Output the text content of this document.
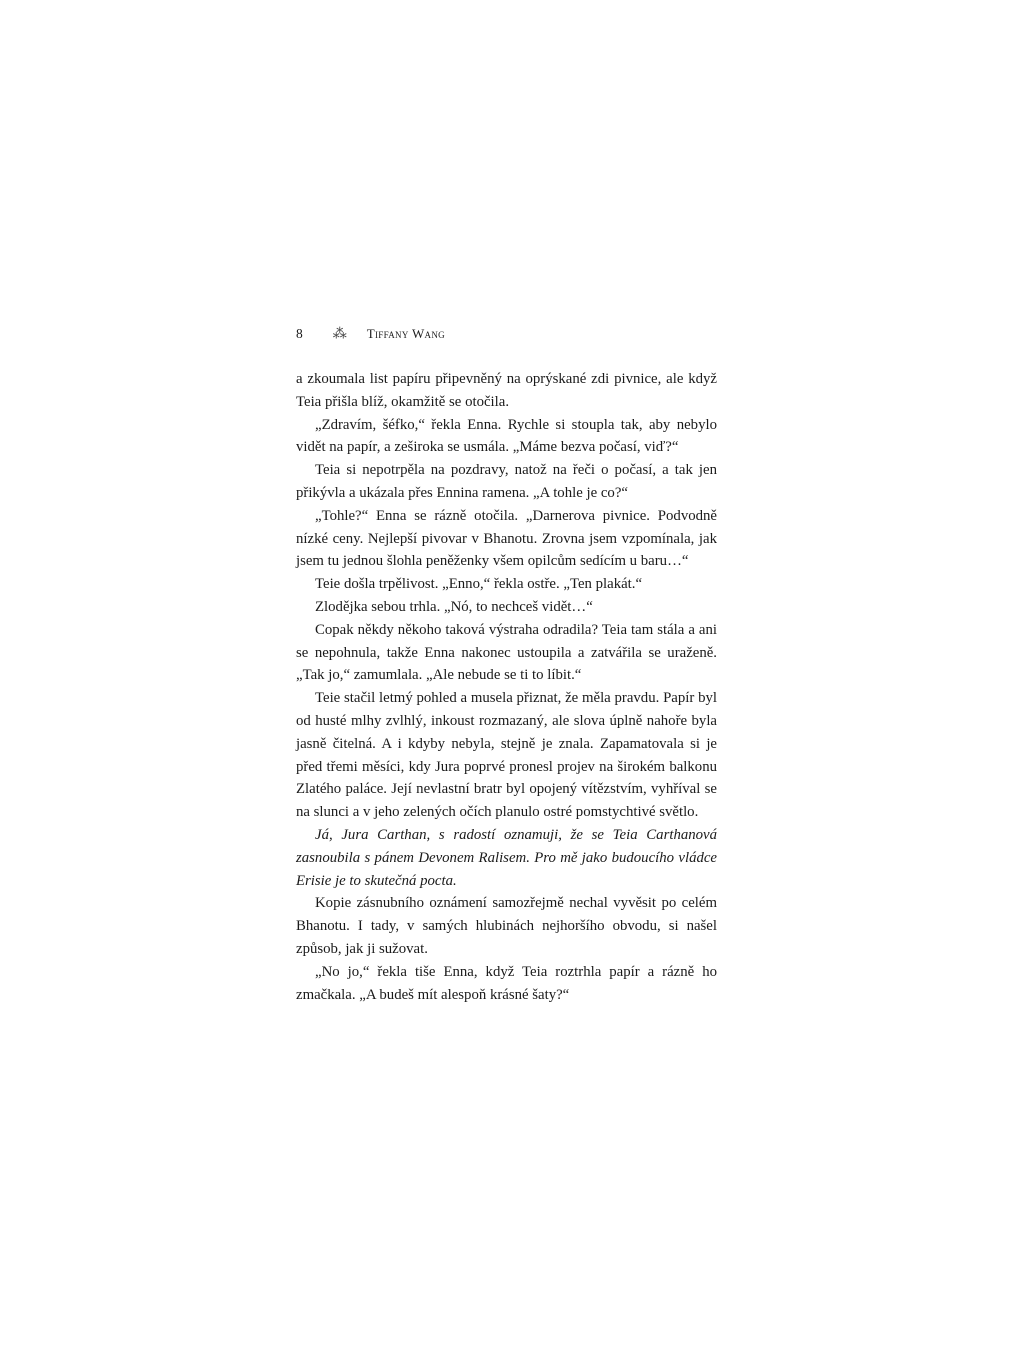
8 ⁂ Tiffany Wang

a zkoumala list papíru připevněný na oprýskané zdi pivnice, ale když Teia přišla blíž, okamžitě se otočila.

„Zdravím, šéfko,“ řekla Enna. Rychle si stoupla tak, aby nebylo vidět na papír, a zeširoka se usmála. „Máme bezva počasí, viď?“

Teia si nepotrpěla na pozdravy, natož na řeči o počasí, a tak jen přikývla a ukázala přes Ennina ramena. „A tohle je co?“

„Tohle?“ Enna se rázně otočila. „Darnerova pivnice. Podvodně nízké ceny. Nejlepší pivovar v Bhanotu. Zrovna jsem vzpomínala, jak jsem tu jednou šlohla peněženky všem opilcům sedícím u baru…“

Teie došla trpělivost. „Enno,“ řekla ostře. „Ten plakát.“

Zlodějka sebou trhla. „Nó, to nechceš vidět…“

Copak někdy někoho taková výstraha odradila? Teia tam stála a ani se nepohnula, takže Enna nakonec ustoupila a zatvářila se uraženě. „Tak jo,“ zamumlala. „Ale nebude se ti to líbit.“

Teie stačil letmý pohled a musela přiznat, že měla pravdu. Papír byl od husté mlhy zvlhlý, inkoust rozmazaný, ale slova úplně nahoře byla jasně čitelná. A i kdyby nebyla, stejně je znala. Zapamatovala si je před třemi měsíci, kdy Jura poprvé pronesl projev na širokém balkonu Zlatého paláce. Její nevlastní bratr byl opojený vítězstvím, vyhříval se na slunci a v jeho zelených očích planulo ostré pomstychtivé světlo.

Já, Jura Carthan, s radostí oznamuji, že se Teia Carthanová zasnoubila s pánem Devonem Ralisem. Pro mě jako budoucího vládce Erisie je to skutečná pocta.

Kopie zásnubního oznámení samozřejmě nechal vyvěsit po celém Bhanotu. I tady, v samých hlubinách nejhoršího obvodu, si našel způsob, jak ji sužovat.

„No jo,“ řekla tiše Enna, když Teia roztrhla papír a rázně ho zmačkala. „A budeš mít alespoň krásné šaty?“
